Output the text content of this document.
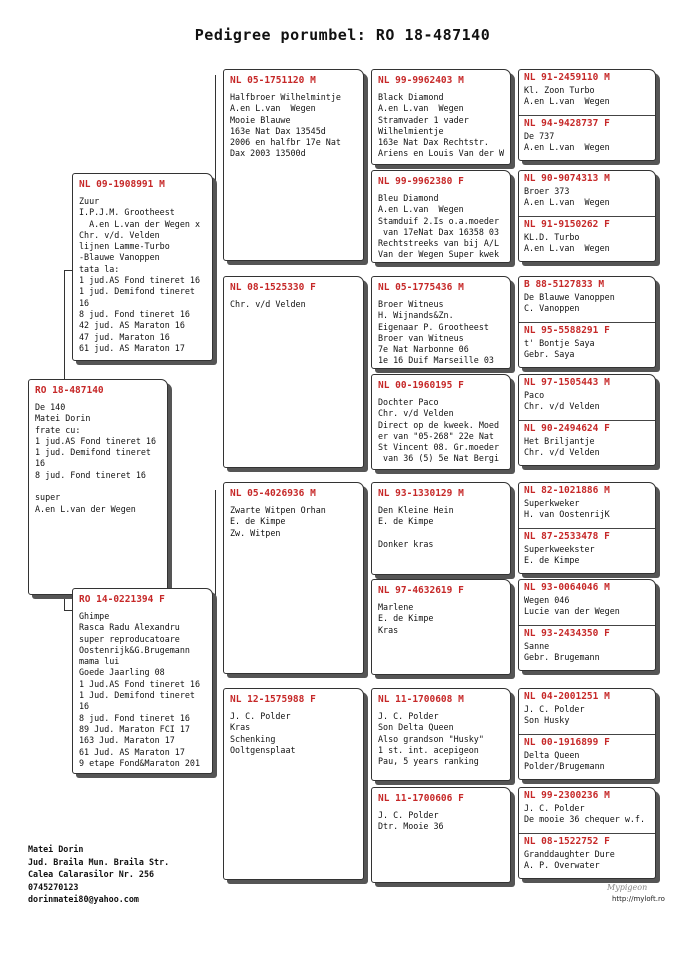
Pedigree porumbel: RO 18-487140
RO 18-487140
De 140
Matei Dorin
frate cu:
1 jud.AS Fond tineret 16
1 jud. Demifond tineret
16
8 jud. Fond tineret 16

super
A.en L.van der Wegen
NL 09-1908991 M
Zuur
I.P.J.M. Grootheest
A.en L.van der Wegen x
Chr. v/d. Velden
lijnen Lamme-Turbo
-Blauwe Vanoppen
tata la:
1 jud.AS Fond tineret 16
1 jud. Demifond tineret
16
8 jud. Fond tineret 16
42 jud. AS Maraton 16
47 jud. Maraton 16
61 jud. AS Maraton 17
RO 14-0221394 F
Ghimpe
Rasca Radu Alexandru
super reproducatoare
Oostenrijk&G.Brugemann
mama lui
Goede Jaarling 08
1 Jud.AS Fond tineret 16
1 Jud. Demifond tineret
16
8 jud. Fond tineret 16
89 Jud. Maraton FCI 17
163 Jud. Maraton 17
61 Jud. AS Maraton 17
9 etape Fond&Maraton 201
NL 05-1751120 M
Halfbroer Wilhelmintje
A.en L.van  Wegen
Mooie Blauwe
163e Nat Dax 13545d
2006 en halfbr 17e Nat
Dax 2003 13500d
NL 08-1525330 F
Chr. v/d Velden
NL 05-4026936 M
Zwarte Witpen Orhan
E. de Kimpe
Zw. Witpen
NL 12-1575988 F
J. C. Polder
Kras
Schenking
Ooltgensplaat
NL 99-9962403 M
Black Diamond
A.en L.van  Wegen
Stramvader 1 vader
Wilhelmientje
163e Nat Dax Rechtstr.
Ariens en Louis Van der W
NL 99-9962380 F
Bleu Diamond
A.en L.van  Wegen
Stamduif 2.Is o.a.moeder
van 17eNat Dax 16358 03
Rechtstreeks van bij A/L
Van der Wegen Super kwek
NL 05-1775436 M
Broer Witneus
H. Wijnands&Zn.
Eigenaar P. Grootheest
Broer van Witneus
7e Nat Narbonne 06
1e 16 Duif Marseille 03
NL 00-1960195 F
Dochter Paco
Chr. v/d Velden
Direct op de kweek. Moed
er van "05-268" 22e Nat
St Vincent 08. Gr.moeder
van 36 (5) 5e Nat Bergi
NL 93-1330129 M
Den Kleine Hein
E. de Kimpe

Donker kras
NL 97-4632619 F
Marlene
E. de Kimpe
Kras
NL 11-1700608 M
J. C. Polder
Son Delta Queen
Also grandson "Husky"
1 st. int. acepigeon
Pau, 5 years ranking
NL 11-1700606 F
J. C. Polder
Dtr. Mooie 36
NL 91-2459110 M
Kl. Zoon Turbo
A.en L.van  Wegen
NL 94-9428737 F
De 737
A.en L.van  Wegen
NL 90-9074313 M
Broer 373
A.en L.van  Wegen
NL 91-9150262 F
KL.D. Turbo
A.en L.van  Wegen
B 88-5127833 M
De Blauwe Vanoppen
C. Vanoppen
NL 95-5588291 F
t' Bontje Saya
Gebr. Saya
NL 97-1505443 M
Paco
Chr. v/d Velden
NL 90-2494624 F
Het Briljantje
Chr. v/d Velden
NL 82-1021886 M
Superkweker
H. van OostenrijK
NL 87-2533478 F
Superkweekster
E. de Kimpe
NL 93-0064046 M
Wegen 046
Lucie van der Wegen
NL 93-2434350 F
Sanne
Gebr. Brugemann
NL 04-2001251 M
J. C. Polder
Son Husky
NL 00-1916899 F
Delta Queen
Polder/Brugemann
NL 99-2300236 M
J. C. Polder
De mooie 36 chequer w.f.
NL 08-1522752 F
Granddaughter Dure
A. P. Overwater
Matei Dorin
Jud. Braila Mun. Braila Str.
Calea Calarasilor Nr. 256
0745270123
dorinmatei80@yahoo.com
Mypigeon
http://myloft.ro
